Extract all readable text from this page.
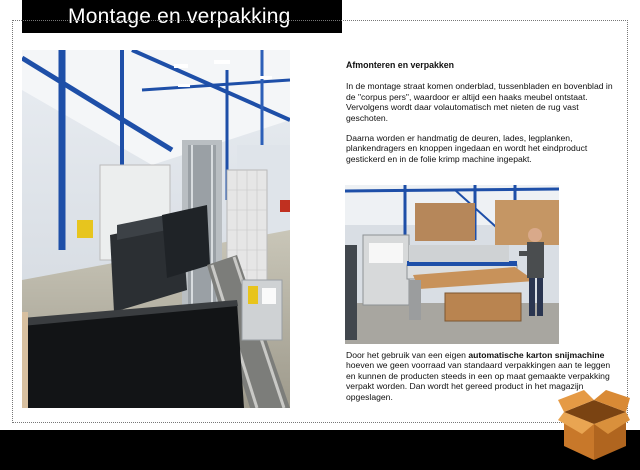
Montage en verpakking
Afmonteren en verpakken

In de montage straat komen onderblad, tussenbladen en bovenblad in de "corpus pers", waardoor er altijd een haaks meubel ontstaat. Vervolgens wordt daar volautomatisch met nieten de rug vast geschoten.

Daarna worden er handmatig de deuren, lades, legplanken, plankendragers en knoppen ingedaan en wordt het eindproduct gestickerd en in de folie krimp machine ingepakt.

Door het gebruik van een eigen automatische karton snijmachine hoeven we geen voorraad van standaard verpakkingen aan te leggen en kunnen de producten steeds in een op maat gemaakte verpakking verpakt worden. Dan wordt het gereed product in het magazijn opgeslagen.
